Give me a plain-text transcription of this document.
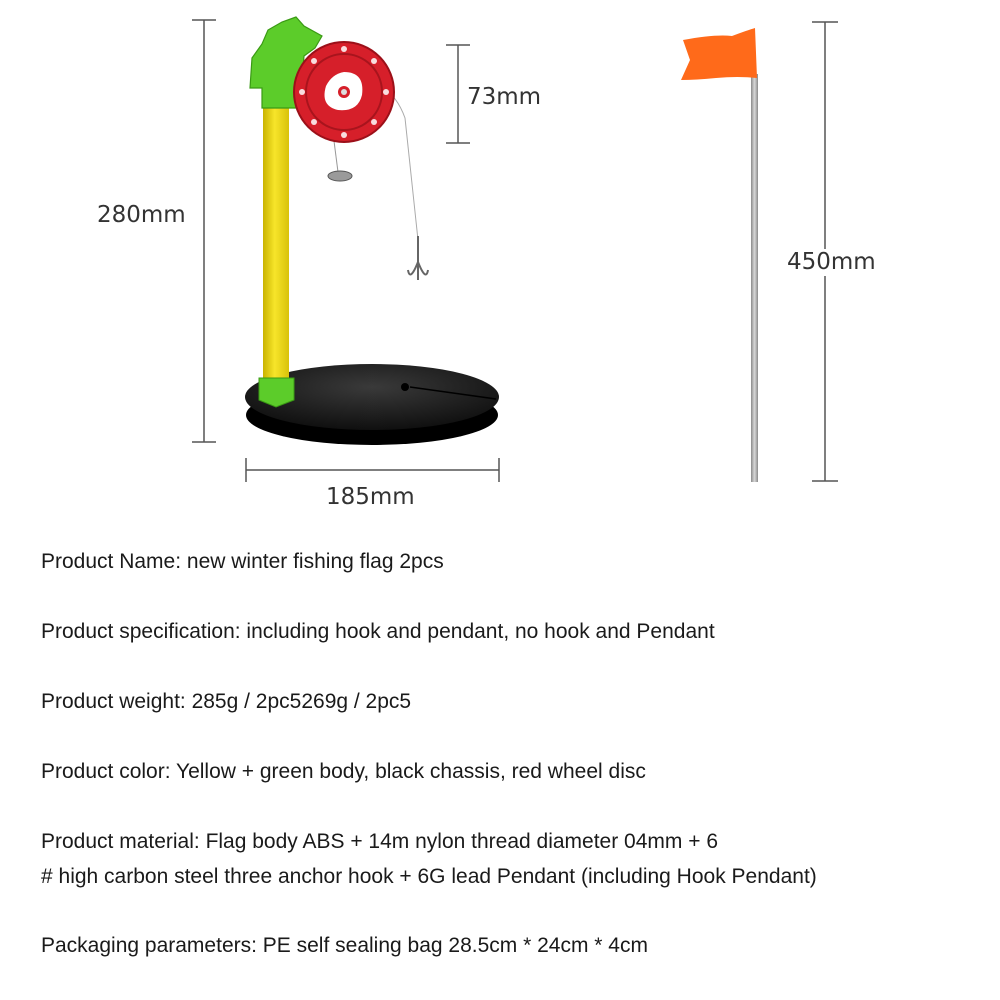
280mm
73mm
185mm
450mm

Product Name: new winter fishing flag 2pcs

Product specification: including hook and pendant, no hook and Pendant

Product weight: 285g / 2pc5269g / 2pc5

Product color: Yellow + green body, black chassis, red wheel disc

Product material: Flag body ABS + 14m nylon thread diameter 04mm + 6

# high carbon steel three anchor hook + 6G lead Pendant (including Hook Pendant)

Packaging parameters: PE self sealing bag 28.5cm * 24cm * 4cm
